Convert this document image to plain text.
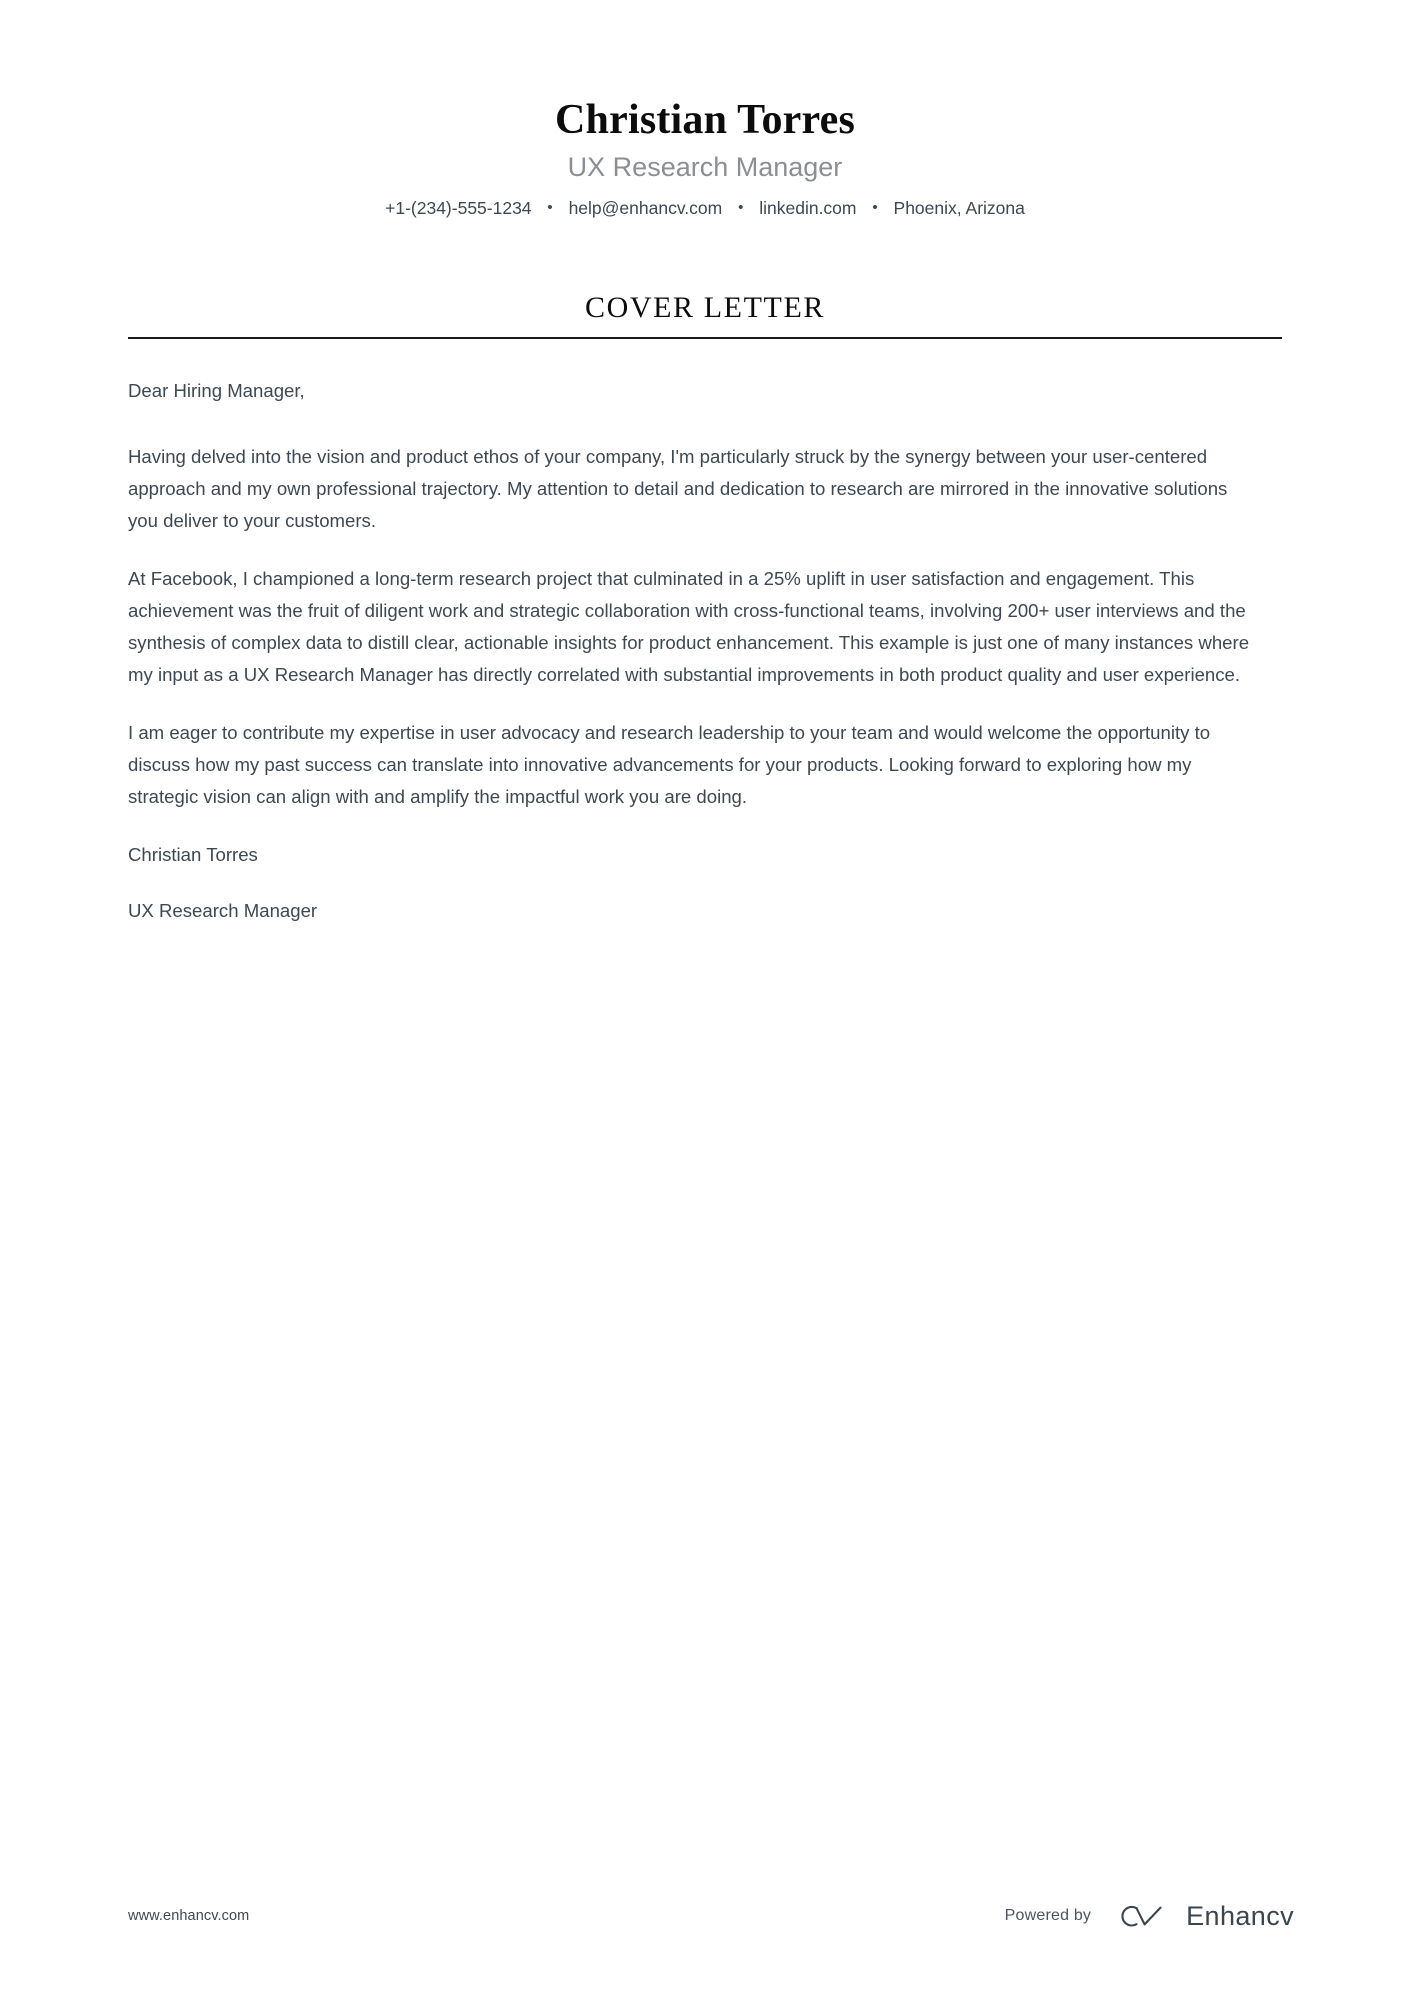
Christian Torres
UX Research Manager
+1-(234)-555-1234 • help@enhancv.com • linkedin.com • Phoenix, Arizona
COVER LETTER

Dear Hiring Manager,

Having delved into the vision and product ethos of your company, I'm particularly struck by the synergy between your user-centered approach and my own professional trajectory. My attention to detail and dedication to research are mirrored in the innovative solutions you deliver to your customers.

At Facebook, I championed a long-term research project that culminated in a 25% uplift in user satisfaction and engagement. This achievement was the fruit of diligent work and strategic collaboration with cross-functional teams, involving 200+ user interviews and the synthesis of complex data to distill clear, actionable insights for product enhancement. This example is just one of many instances where my input as a UX Research Manager has directly correlated with substantial improvements in both product quality and user experience.

I am eager to contribute my expertise in user advocacy and research leadership to your team and would welcome the opportunity to discuss how my past success can translate into innovative advancements for your products. Looking forward to exploring how my strategic vision can align with and amplify the impactful work you are doing.

Christian Torres

UX Research Manager

www.enhancv.com	Powered by	Enhancv
